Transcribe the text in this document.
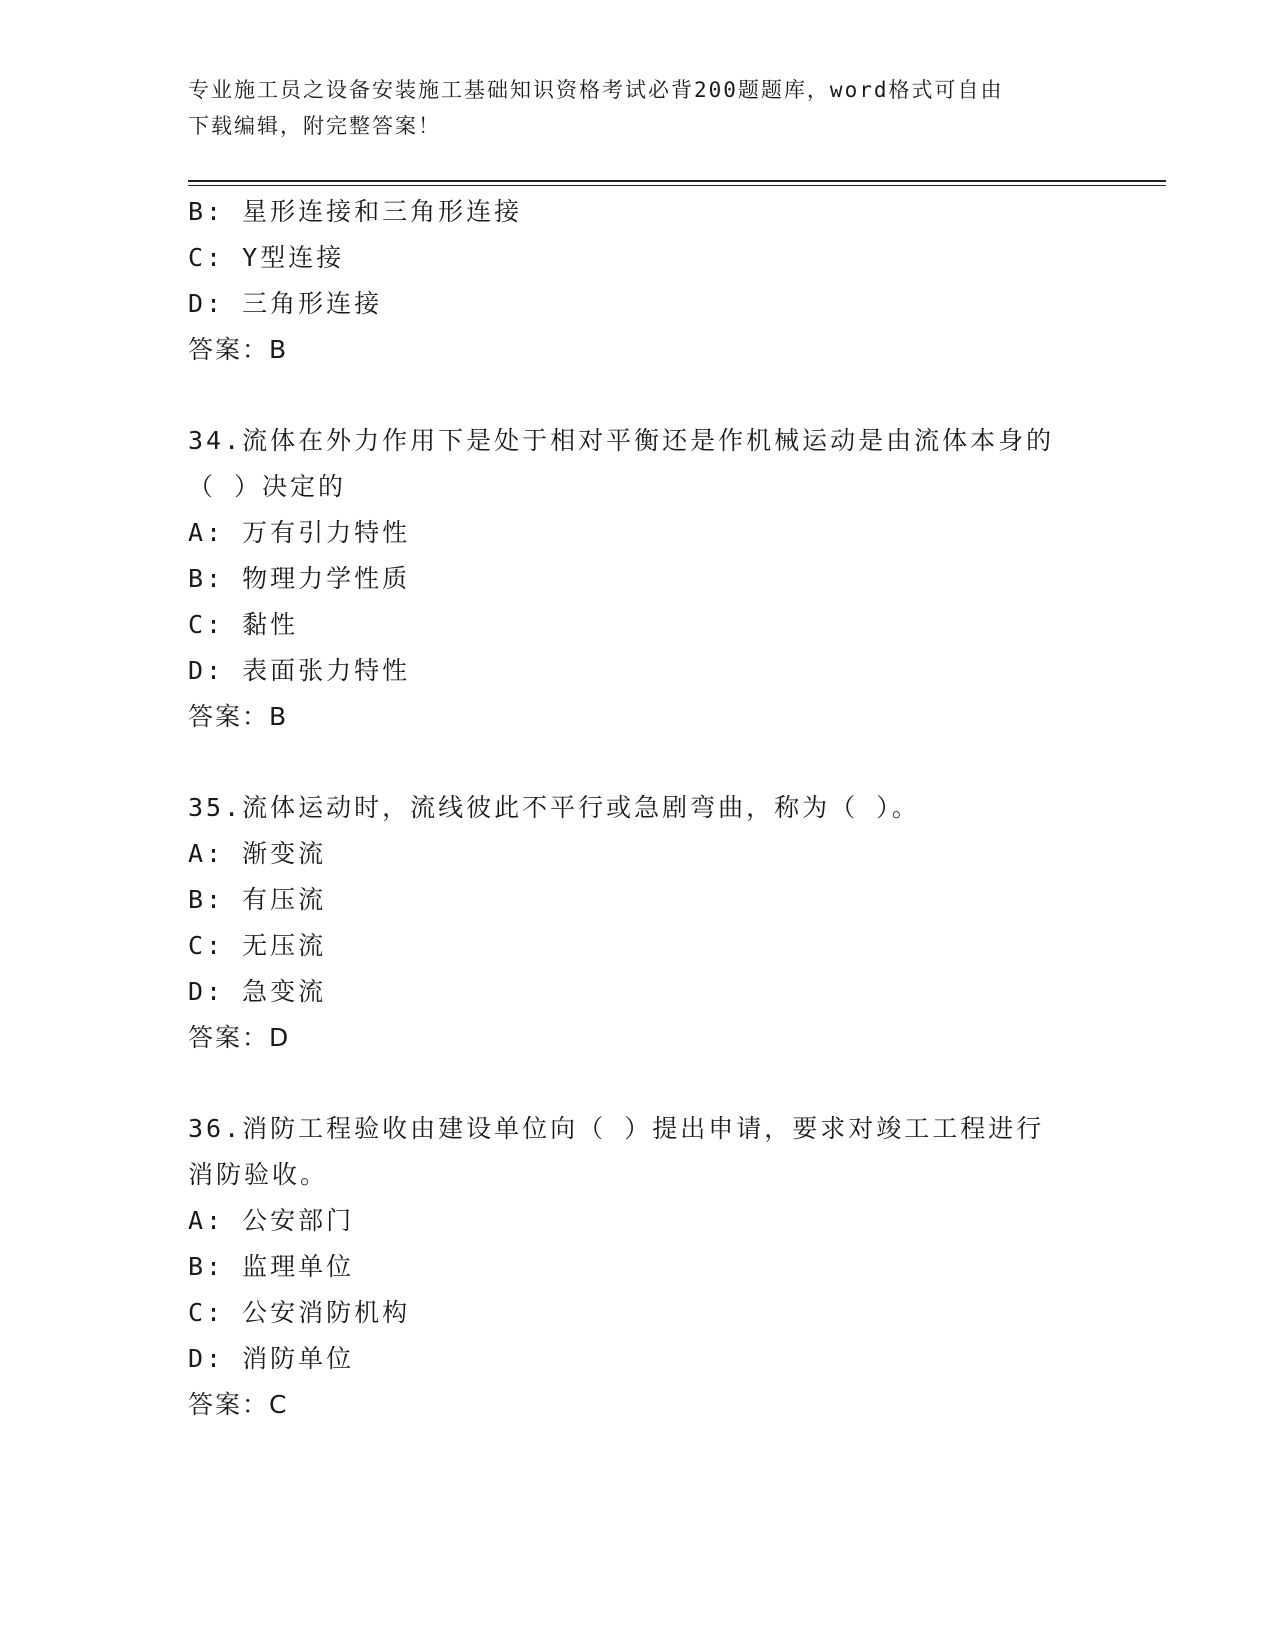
专业施工员之设备安装施工基础知识资格考试必背200题题库，word格式可自由
下载编辑，附完整答案！
B: 星形连接和三角形连接
C: Y型连接
D: 三角形连接
答案：B
34.流体在外力作用下是处于相对平衡还是作机械运动是由流体本身的
（ ）决定的
A: 万有引力特性
B: 物理力学性质
C: 黏性
D: 表面张力特性
答案：B
35.流体运动时，流线彼此不平行或急剧弯曲，称为（ ）。
A: 渐变流
B: 有压流
C: 无压流
D: 急变流
答案：D
36.消防工程验收由建设单位向（ ）提出申请，要求对竣工工程进行
消防验收。
A: 公安部门
B: 监理单位
C: 公安消防机构
D: 消防单位
答案：C
